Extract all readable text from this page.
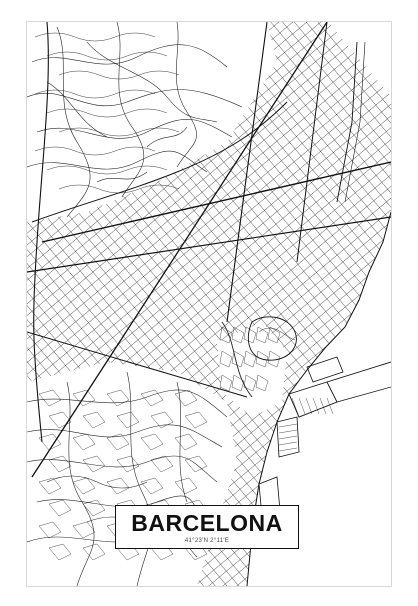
BARCELONA
41°23'N 2°11'E
